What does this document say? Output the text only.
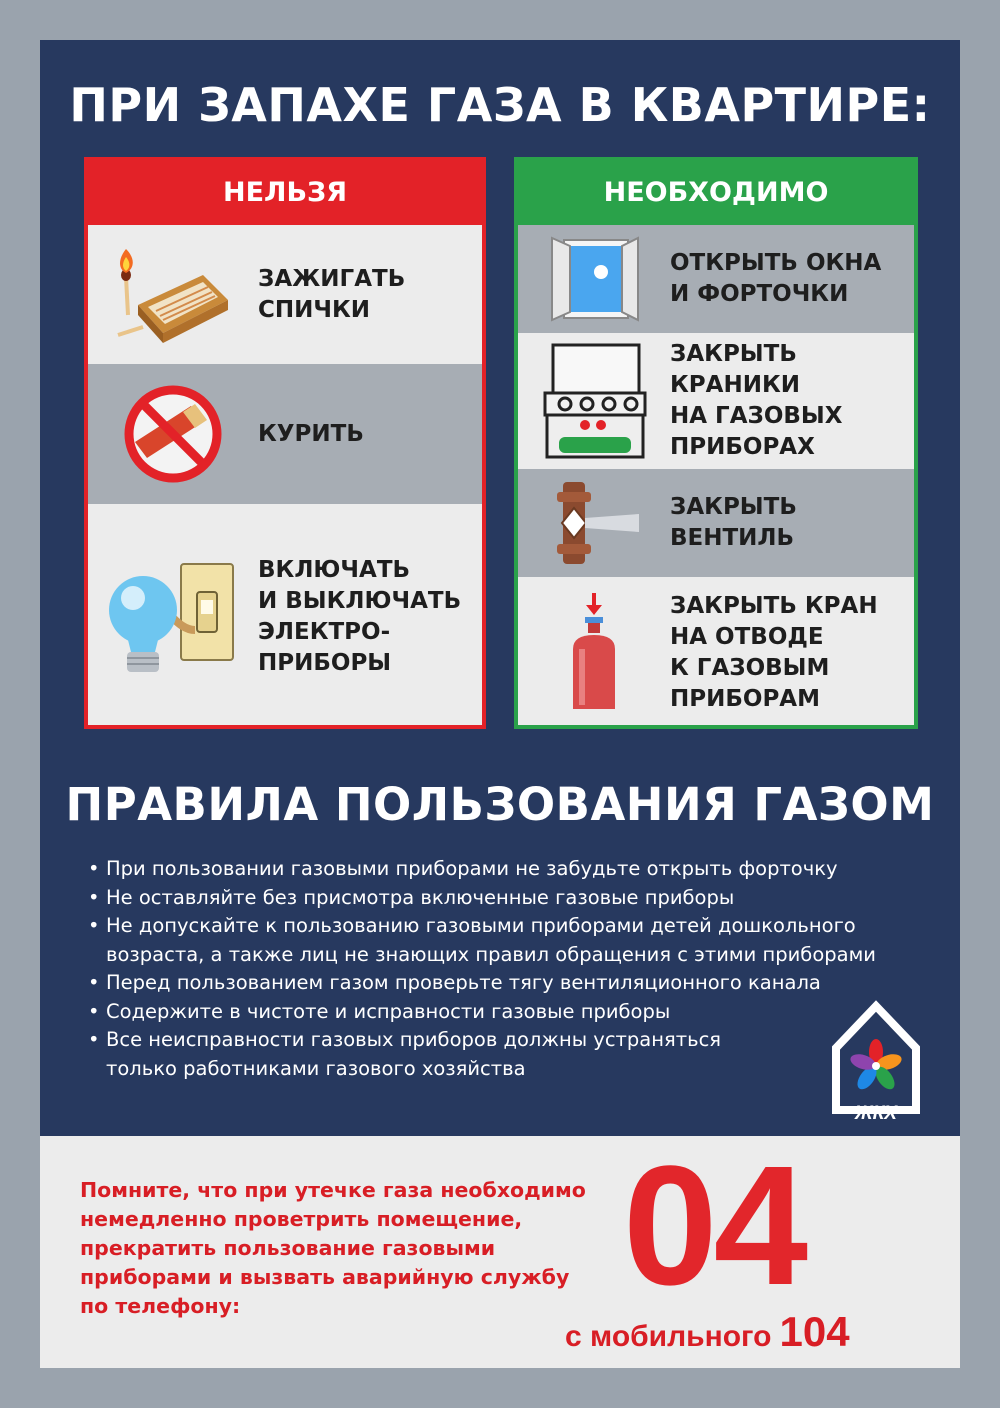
ПРИ ЗАПАХЕ ГАЗА В КВАРТИРЕ:
НЕЛЬЗЯ
ЗАЖИГАТЬ
СПИЧКИ
КУРИТЬ
ВКЛЮЧАТЬ
И ВЫКЛЮЧАТЬ
ЭЛЕКТРО-
ПРИБОРЫ
НЕОБХОДИМО
ОТКРЫТЬ ОКНА
И ФОРТОЧКИ
ЗАКРЫТЬ
КРАНИКИ
НА ГАЗОВЫХ
ПРИБОРАХ
ЗАКРЫТЬ
ВЕНТИЛЬ
ЗАКРЫТЬ КРАН
НА ОТВОДЕ
К ГАЗОВЫМ
ПРИБОРАМ
ПРАВИЛА ПОЛЬЗОВАНИЯ ГАЗОМ
• При пользовании газовыми приборами не забудьте открыть форточку
• Не оставляйте без присмотра включенные газовые приборы
• Не допускайте к пользованию газовыми приборами детей дошкольного возраста, а также лиц не знающих правил обращения с этими приборами
• Перед пользованием газом проверьте тягу вентиляционного канала
• Содержите в чистоте и исправности газовые приборы
• Все неисправности газовых приборов должны устраняться только работниками газового хозяйства
ЖКХ
Помните, что при утечке газа необходимо немедленно проветрить помещение, прекратить пользование газовыми приборами и вызвать аварийную службу по телефону:	04
с мобильного 104
